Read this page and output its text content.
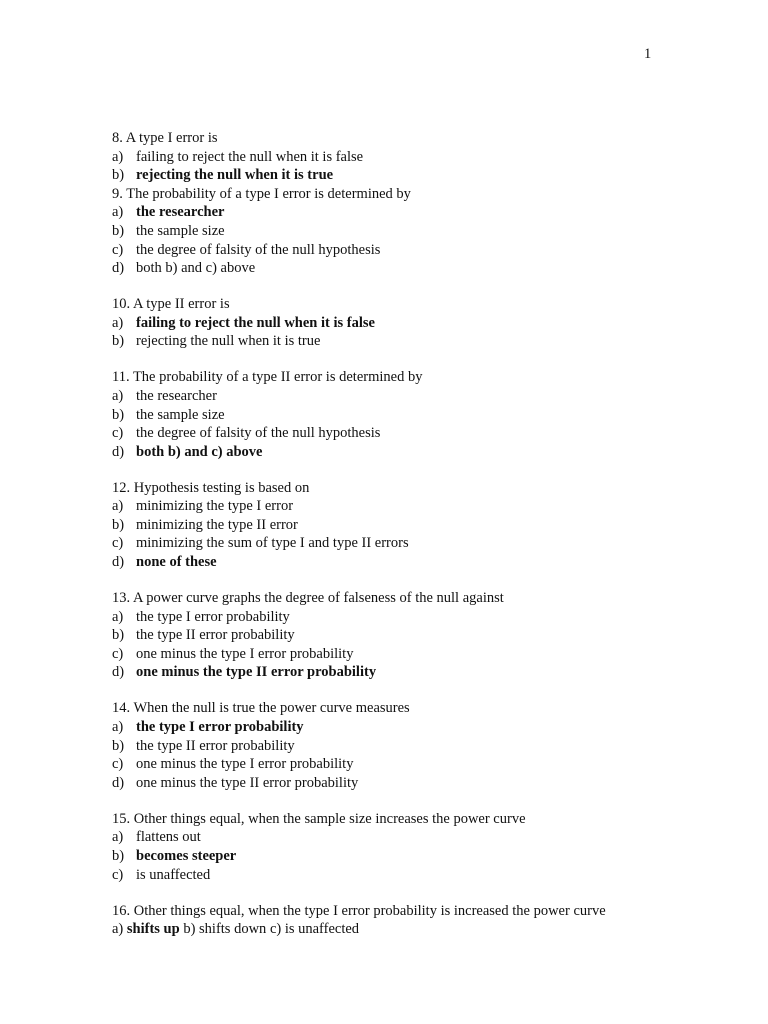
1
8. A type I error is
a) failing to reject the null when it is false
b) rejecting the null when it is true
9. The probability of a type I error is determined by
a) the researcher
b) the sample size
c) the degree of falsity of the null hypothesis
d) both b) and c) above
10. A type II error is
a) failing to reject the null when it is false
b) rejecting the null when it is true
11. The probability of a type II error is determined by
a) the researcher
b) the sample size
c) the degree of falsity of the null hypothesis
d) both b) and c) above
12. Hypothesis testing is based on
a) minimizing the type I error
b) minimizing the type II error
c) minimizing the sum of type I and type II errors
d) none of these
13. A power curve graphs the degree of falseness of the null against
a) the type I error probability
b) the type II error probability
c) one minus the type I error probability
d) one minus the type II error probability
14. When the null is true the power curve measures
a) the type I error probability
b) the type II error probability
c) one minus the type I error probability
d) one minus the type II error probability
15. Other things equal, when the sample size increases the power curve
a) flattens out
b) becomes steeper
c) is unaffected
16. Other things equal, when the type I error probability is increased the power curve
a) shifts up b) shifts down c) is unaffected
